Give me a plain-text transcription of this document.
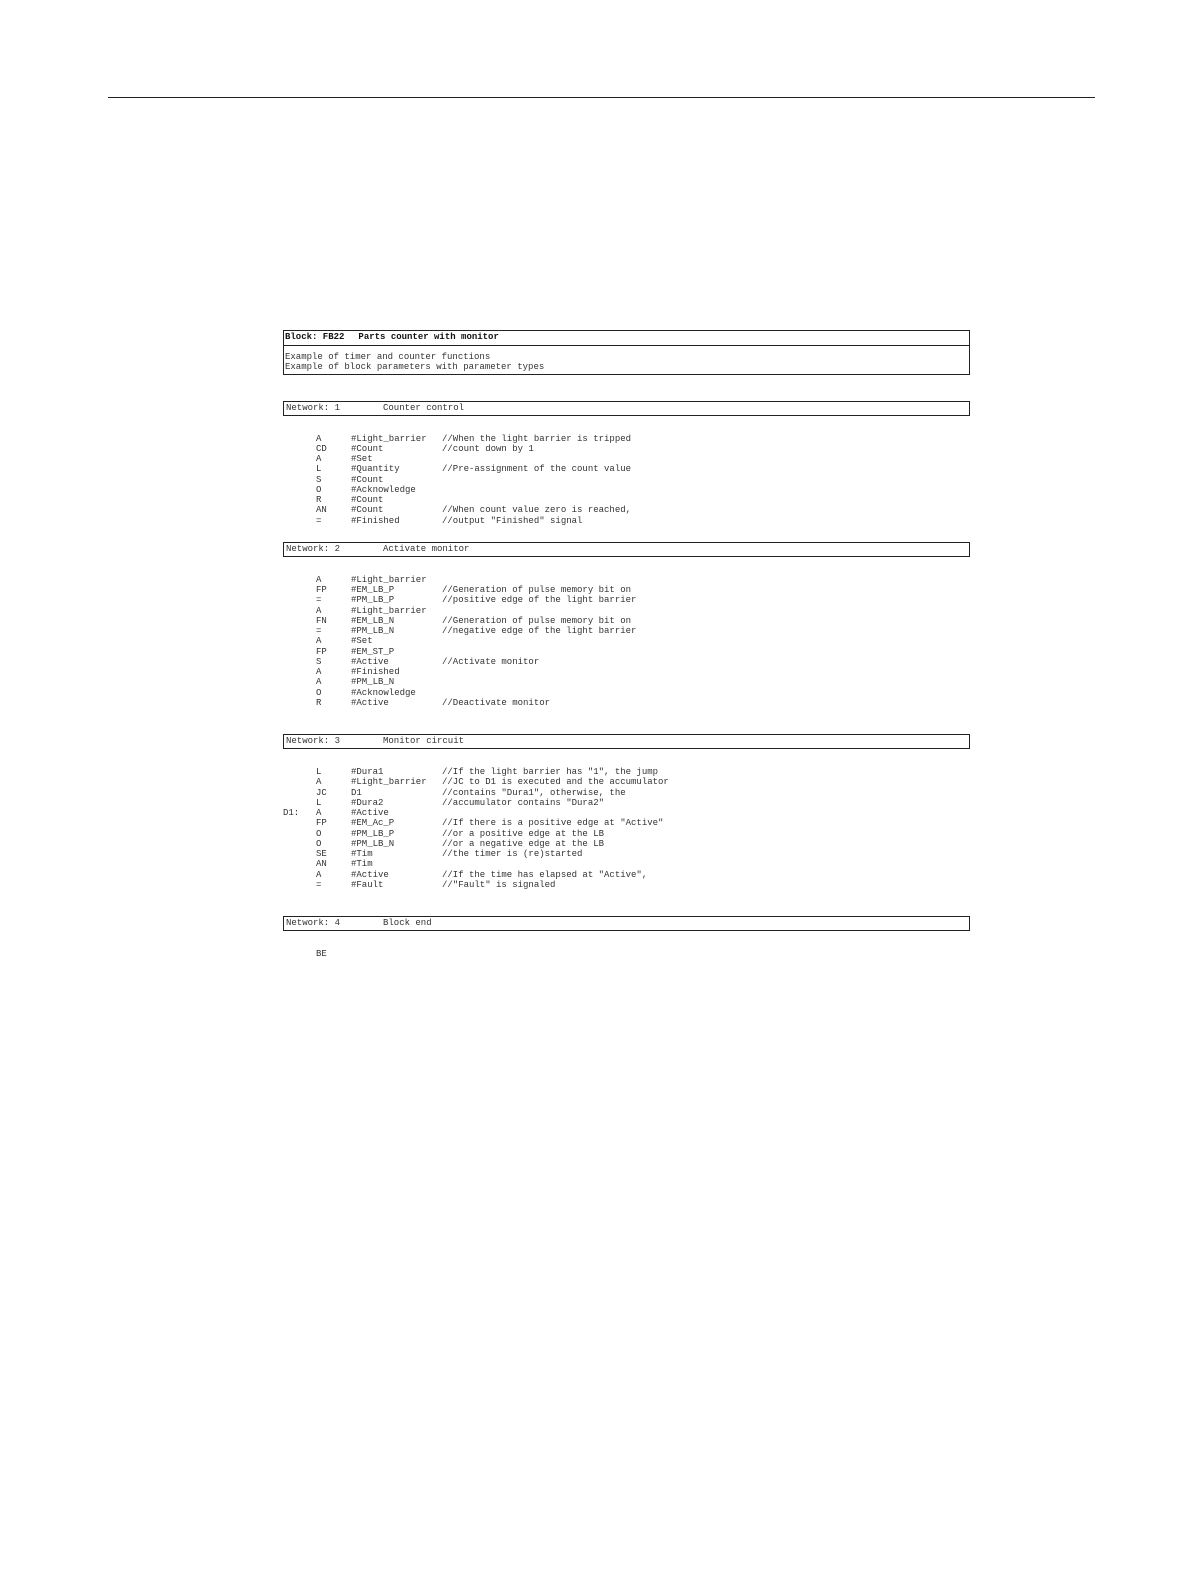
Block: FB22 Parts counter with monitor
Example of timer and counter functions
Example of block parameters with parameter types
Network: 1	Counter control
A	#Light_barrier //When the light barrier is tripped
CD	#Count	//count down by 1
A	#Set
L	#Quantity	//Pre-assignment of the count value
S	#Count
O	#Acknowledge
R	#Count
AN	#Count	//When count value zero is reached,
=	#Finished	//output "Finished" signal
Network: 2	Activate monitor
A	#Light_barrier
FP	#EM_LB_P	//Generation of pulse memory bit on
=	#PM_LB_P	//positive edge of the light barrier
A	#Light_barrier
FN	#EM_LB_N	//Generation of pulse memory bit on
=	#PM_LB_N	//negative edge of the light barrier
A	#Set
FP	#EM_ST_P
S	#Active	//Activate monitor
A	#Finished
A	#PM_LB_N
O	#Acknowledge
R	#Active	//Deactivate monitor
Network: 3	Monitor circuit
L	#Dura1	//If the light barrier has "1", the jump
A	#Light_barrier //JC to D1 is executed and the accumulator
JC	D1	//contains "Dura1", otherwise, the
L	#Dura2	//accumulator contains "Dura2"
D1: A	#Active
FP	#EM_Ac_P	//If there is a positive edge at "Active"
O	#PM_LB_P	//or a positive edge at the LB
O	#PM_LB_N	//or a negative edge at the LB
SE	#Tim	//the timer is (re)started
AN	#Tim
A	#Active	//If the time has elapsed at "Active",
=	#Fault	//"Fault" is signaled
Network: 4	Block end
BE
